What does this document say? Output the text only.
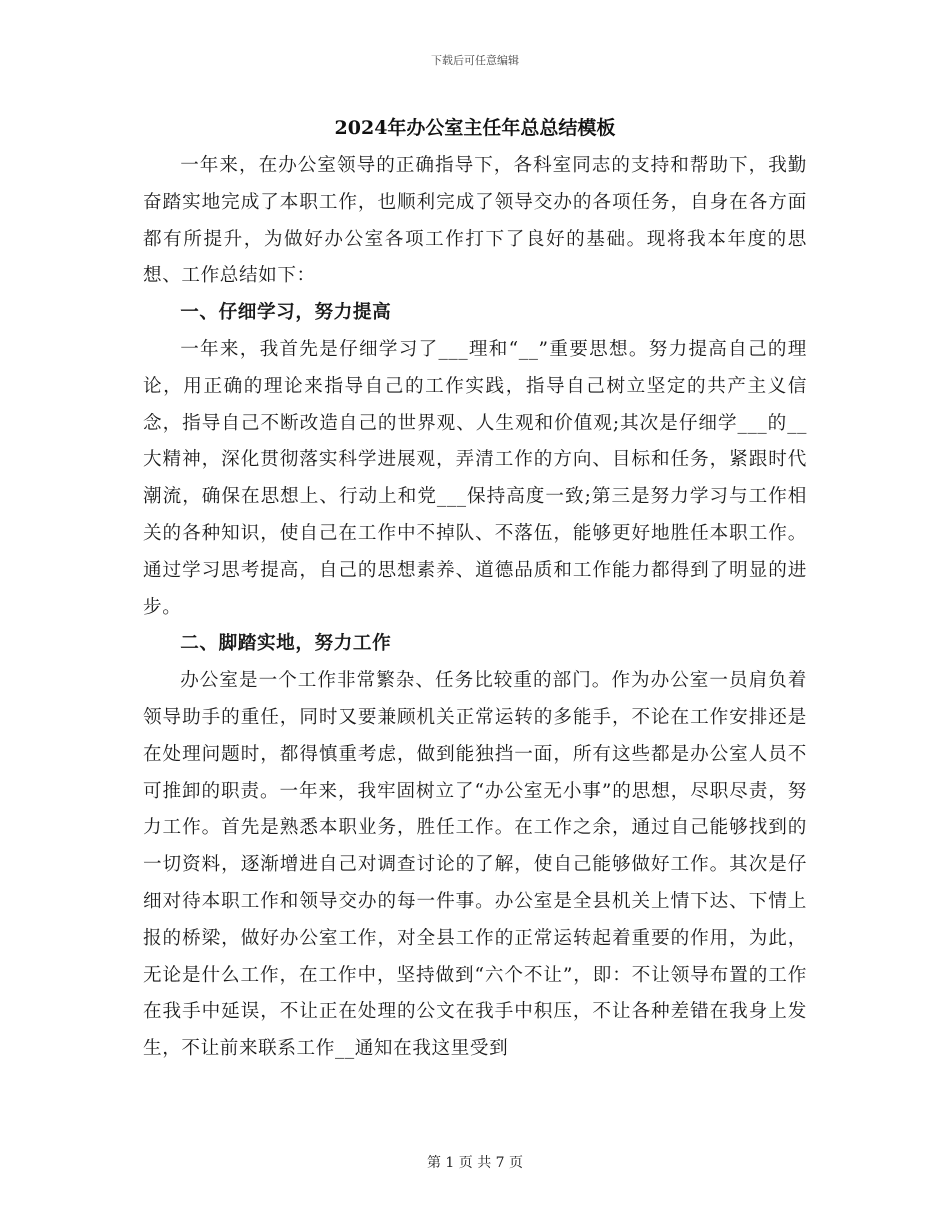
下载后可任意编辑
2024年办公室主任年总总结模板

一年来，在办公室领导的正确指导下，各科室同志的支持和帮助下，我勤奋踏实地完成了本职工作，也顺利完成了领导交办的各项任务，自身在各方面都有所提升，为做好办公室各项工作打下了良好的基础。现将我本年度的思想、工作总结如下：

一、仔细学习，努力提高

一年来，我首先是仔细学习了___理和“__”重要思想。努力提高自己的理论，用正确的理论来指导自己的工作实践，指导自己树立坚定的共产主义信念，指导自己不断改造自己的世界观、人生观和价值观;其次是仔细学___的__大精神，深化贯彻落实科学进展观，弄清工作的方向、目标和任务，紧跟时代潮流，确保在思想上、行动上和党___保持高度一致;第三是努力学习与工作相关的各种知识，使自己在工作中不掉队、不落伍，能够更好地胜任本职工作。通过学习思考提高，自己的思想素养、道德品质和工作能力都得到了明显的进步。

二、脚踏实地，努力工作

办公室是一个工作非常繁杂、任务比较重的部门。作为办公室一员肩负着领导助手的重任，同时又要兼顾机关正常运转的多能手，不论在工作安排还是在处理问题时，都得慎重考虑，做到能独挡一面，所有这些都是办公室人员不可推卸的职责。一年来，我牢固树立了“办公室无小事”的思想，尽职尽责，努力工作。首先是熟悉本职业务，胜任工作。在工作之余，通过自己能够找到的一切资料，逐渐增进自己对调查讨论的了解，使自己能够做好工作。其次是仔细对待本职工作和领导交办的每一件事。办公室是全县机关上情下达、下情上报的桥梁，做好办公室工作，对全县工作的正常运转起着重要的作用，为此，无论是什么工作，在工作中，坚持做到“六个不让”，即：不让领导布置的工作在我手中延误，不让正在处理的公文在我手中积压，不让各种差错在我身上发生，不让前来联系工作__通知在我这里受到

第 1 页 共 7 页
